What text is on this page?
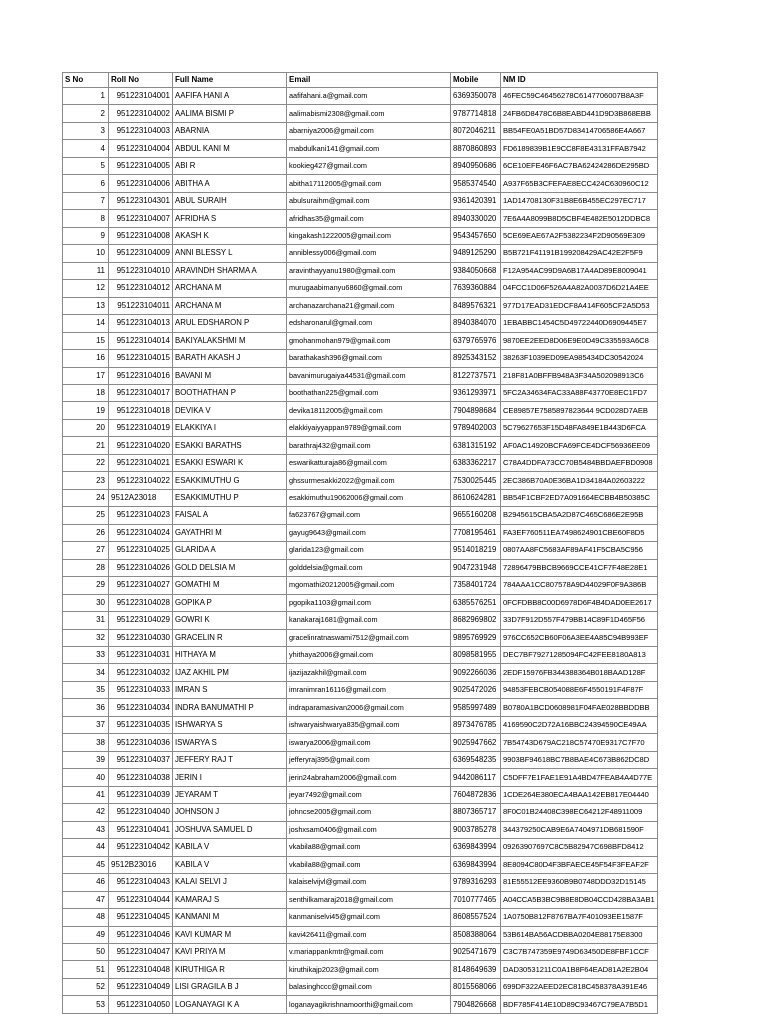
S No	Roll No	Full Name	Email	Mobile	NM ID
1	951223104001	AAFIFA HANI A	aafifahani.a@gmail.com	6369350078	46FEC59C46456278C6147706007B8A3F
2	951223104002	AALIMA BISMI P	aalimabismi2308@gmail.com	9787714818	24FB6D8478C6B8EABD441D9D3B868EBB
3	951223104003	ABARNIA	abarniya2006@gmail.com	8072046211	BB54FE0A51BD57D83414706586E4A667
4	951223104004	ABDUL KANI M	mabdulkani141@gmail.com	8870860893	FD6189839B1E9CC8F8E43131FFAB7942
5	951223104005	ABI R	kookieg427@gmail.com	8940950686	6CE10EFE46F6AC7BA62424286DE295BD
6	951223104006	ABITHA A	abitha17112005@gmail.com	9585374540	A937F65B3CFEFAE8ECC424C630960C12
7	951223104301	ABUL SURAIH	abulsuraihm@gmail.com	9361420391	1AD14708130F31B8E6B455EC297EC717
8	951223104007	AFRIDHA S	afridhas35@gmail.com	8940330020	7E6A4A8099B8D5CBF4E482E5012DDBC8
9	951223104008	AKASH K	kingakash1222005@gmail.com	9543457650	5CE69EAE67A2F5382234F2D90569E309
10	951223104009	ANNI BLESSY L	anniblessy006@gmail.com	9489125290	B5B721F41191B199208429AC42E2F5F9
11	951223104010	ARAVINDH SHARMA A	aravinthayyanu1980@gmail.com	9384050668	F12A954AC99D9A6B17A4AD89E8009041
12	951223104012	ARCHANA M	murugaabimanyu6860@gmail.com	7639360884	04FCC1D06F526A4A82A0037D6D21A4EE
13	951223104011	ARCHANA M	archanazarchana21@gmail.com	8489576321	977D17EAD31EDCF8A414F605CF2A5D53
14	951223104013	ARUL EDSHARON P	edsharonarul@gmail.com	8940384070	1EBABBC1454C5D49722440D6909445E7
15	951223104014	BAKIYALAKSHMI M	gmohanmohan979@gmail.com	6379765976	9870EE2EED8D06E9E0D49C335593A6C8
16	951223104015	BARATH AKASH J	barathakash396@gmail.com	8925343152	38263F1039ED09EA985434DC30542024
17	951223104016	BAVANI M	bavanimurugaiya44531@gmail.com	8122737571	218F81A0BFFB948A3F34A502098913C6
18	951223104017	BOOTHATHAN P	boothathan225@gmail.com	9361293971	5FC2A34634FAC33A88F43770E8EC1FD7
19	951223104018	DEVIKA V	devika18112005@gmail.com	7904898684	CE89857E7585897823644 9CD028D7AEB
20	951223104019	ELAKKIYA I	elakkiyaiyyappan9789@gmail.com	9789402003	5C79627653F15D48FA849E1B443D6FCA
21	951223104020	ESAKKI BARATHS	barathraj432@gmail.com	6381315192	AF0AC14920BCFA69FCE4DCF56936EE09
22	951223104021	ESAKKI ESWARI K	eswarikatturaja86@gmail.com	6383362217	C78A4DDFA73CC70B5484BBDAEFBD0908
23	951223104022	ESAKKIMUTHU G	ghssurmesakki2022@gmail.com	7530025445	2EC386B70A0E36BA1D34184A02603222
24	9512A23018	ESAKKIMUTHU P	esakkimuthu19062006@gmail.com	8610624281	BB54F1CBF2ED7A091664ECBB4B50385C
25	951223104023	FAISAL A	fa623767@gmail.com	9655160208	B2945615CBA5A2D87C465C686E2E95B
26	951223104024	GAYATHRI M	gayug9643@gmail.com	7708195461	FA3EF760511EA7498624901CBE60F8D5
27	951223104025	GLARIDA A	glarida123@gmail.com	9514018219	0807AA8FC5683AF89AF41F5CBA5C956
28	951223104026	GOLD DELSIA M	golddelsia@gmail.com	9047231948	72896479BBCB9669CCE41CF7F48E28E1
29	951223104027	GOMATHI M	mgomathi20212005@gmail.com	7358401724	784AAA1CC807578A9D44029F0F9A386B
30	951223104028	GOPIKA P	pgopika1103@gmail.com	6385576251	0FCFDBB8C00D6978D6F4B4DAD0EE2617
31	951223104029	GOWRI K	kanakaraj1681@gmail.com	8682969802	33D7F912D557F479BB14C89F1D465F56
32	951223104030	GRACELIN R	gracelinratnaswami7512@gmail.com	9895769929	976CC652CB60F06A3EE4A85C94B993EF
33	951223104031	HITHAYA M	yhithaya2006@gmail.com	8098581955	DEC7BF79271285094FC42FEE8180A813
34	951223104032	IJAZ AKHIL PM	ijazijazakhil@gmail.com	9092266036	2EDF15976FB344388364B018BAAD128F
35	951223104033	IMRAN S	imranimran16116@gmail.com	9025472026	94853FEBCB054088E6F4550191F4F87F
36	951223104034	INDRA BANUMATHI P	indraparamasivan2006@gmail.com	9585997489	B0780A1BCD0608981F04FAE028BBDDBB
37	951223104035	ISHWARYA S	ishwaryaishwarya835@gmail.com	8973476785	4169590C2D72A16BBC24394590CE49AA
38	951223104036	ISWARYA S	iswarya2006@gmail.com	9025947662	7B54743D679AC218C57470E9317C7F70
39	951223104037	JEFFERY RAJ T	jefferyraj395@gmail.com	6369548235	9903BF94618BC7B8BAE4C673B862DC8D
40	951223104038	JERIN I	jerin24abraham2006@gmail.com	9442086117	C5DFF7E1FAE1E91A4BD47FEAB4A4D77E
41	951223104039	JEYARAM T	jeyar7492@gmail.com	7604872836	1CDE264E380ECA4BAA142EB817E04440
42	951223104040	JOHNSON J	johncse2005@gmail.com	8807365717	8F0C01B24408C398EC64212F48911009
43	951223104041	JOSHUVA SAMUEL D	joshxsam0406@gmail.com	9003785278	344379250CAB9E6A7404971DB681590F
44	951223104042	KABILA V	vkabila88@gmail.com	6369843994	09263907697C8C5B82947C698BFD8412
45	9512B23016	KABILA V	vkabila88@gmail.com	6369843994	8E8094C80D4F3BFAECE45F54F3FEAF2F
46	951223104043	KALAI SELVI J	kalaiselvijvl@gmail.com	9789316293	81E55512EE9360B9B0748DDD32D15145
47	951223104044	KAMARAJ S	senthilkamaraj2018@gmail.com	7010777465	A04CCA5B3BC9B8E8DB04CCD428BA3AB1
48	951223104045	KANMANI M	kanmaniselvi45@gmail.com	8608557524	1A0750B812F8767BA7F401093EE1587F
49	951223104046	KAVI KUMAR M	kavi426411@gmail.com	8508388064	53B614BA56ACDBBA0204E88175E8300
50	951223104047	KAVI PRIYA M	v.mariappankmtr@gmail.com	9025471679	C3C7B747359E9749D63450DE8FBF1CCF
51	951223104048	KIRUTHIGA R	kiruthikajp2023@gmail.com	8148649639	DAD30531211C0A1B8F64EAD81A2E2B04
52	951223104049	LISI GRAGILA B J	balasinghccc@gmail.com	8015568066	699DF322AEED2EC818C458378A391E46
53	951223104050	LOGANAYAGI K A	loganayagikrishnamoorthi@gmail.com	7904826668	BDF785F414E10D89C93467C79EA7B5D1
